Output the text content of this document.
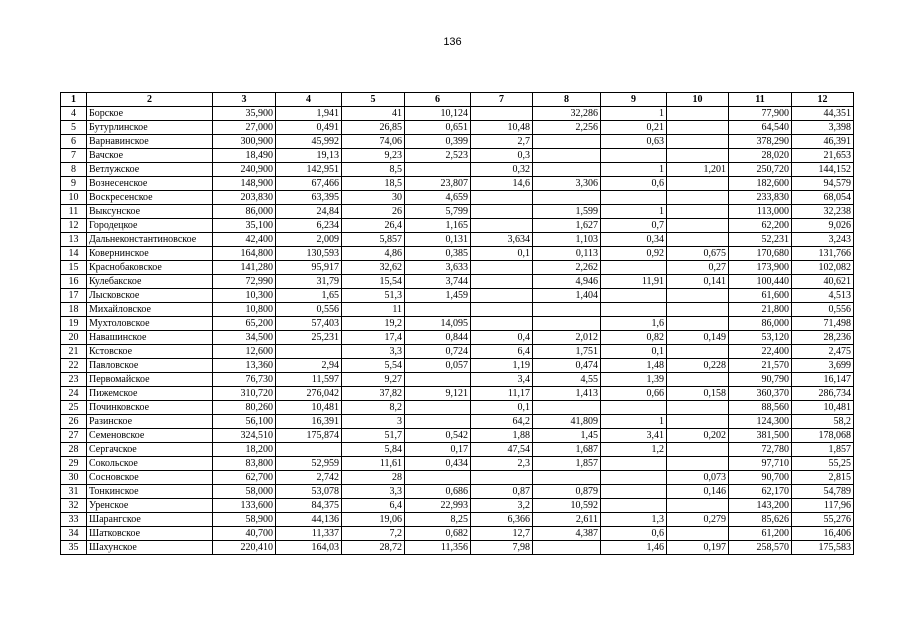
136
1	2	3	4	5	6	7	8	9	10	11	12
4	Борское	35,900	1,941	41	10,124		32,286	1		77,900	44,351
5	Бутурлинское	27,000	0,491	26,85	0,651	10,48	2,256	0,21		64,540	3,398
6	Варнавинское	300,900	45,992	74,06	0,399	2,7		0,63		378,290	46,391
7	Вачское	18,490	19,13	9,23	2,523	0,3				28,020	21,653
8	Ветлужское	240,900	142,951	8,5		0,32		1	1,201	250,720	144,152
9	Вознесенское	148,900	67,466	18,5	23,807	14,6	3,306	0,6		182,600	94,579
10	Воскресенское	203,830	63,395	30	4,659					233,830	68,054
11	Выксунское	86,000	24,84	26	5,799		1,599	1		113,000	32,238
12	Городецкое	35,100	6,234	26,4	1,165		1,627	0,7		62,200	9,026
13	Дальнеконстантиновское	42,400	2,009	5,857	0,131	3,634	1,103	0,34		52,231	3,243
14	Ковернинское	164,800	130,593	4,86	0,385	0,1	0,113	0,92	0,675	170,680	131,766
15	Краснобаковское	141,280	95,917	32,62	3,633		2,262		0,27	173,900	102,082
16	Кулебакское	72,990	31,79	15,54	3,744		4,946	11,91	0,141	100,440	40,621
17	Лысковское	10,300	1,65	51,3	1,459		1,404			61,600	4,513
18	Михайловское	10,800	0,556	11						21,800	0,556
19	Мухтоловское	65,200	57,403	19,2	14,095			1,6		86,000	71,498
20	Навашинское	34,500	25,231	17,4	0,844	0,4	2,012	0,82	0,149	53,120	28,236
21	Кстовское	12,600		3,3	0,724	6,4	1,751	0,1		22,400	2,475
22	Павловское	13,360	2,94	5,54	0,057	1,19	0,474	1,48	0,228	21,570	3,699
23	Первомайское	76,730	11,597	9,27		3,4	4,55	1,39		90,790	16,147
24	Пижемское	310,720	276,042	37,82	9,121	11,17	1,413	0,66	0,158	360,370	286,734
25	Починковское	80,260	10,481	8,2		0,1				88,560	10,481
26	Разинское	56,100	16,391	3		64,2	41,809	1		124,300	58,2
27	Семеновское	324,510	175,874	51,7	0,542	1,88	1,45	3,41	0,202	381,500	178,068
28	Сергачское	18,200		5,84	0,17	47,54	1,687	1,2		72,780	1,857
29	Сокольское	83,800	52,959	11,61	0,434	2,3	1,857			97,710	55,25
30	Сосновское	62,700	2,742	28					0,073	90,700	2,815
31	Тонкинское	58,000	53,078	3,3	0,686	0,87	0,879		0,146	62,170	54,789
32	Уренское	133,600	84,375	6,4	22,993	3,2	10,592			143,200	117,96
33	Шарангское	58,900	44,136	19,06	8,25	6,366	2,611	1,3	0,279	85,626	55,276
34	Шатковское	40,700	11,337	7,2	0,682	12,7	4,387	0,6		61,200	16,406
35	Шахунское	220,410	164,03	28,72	11,356	7,98		1,46	0,197	258,570	175,583
